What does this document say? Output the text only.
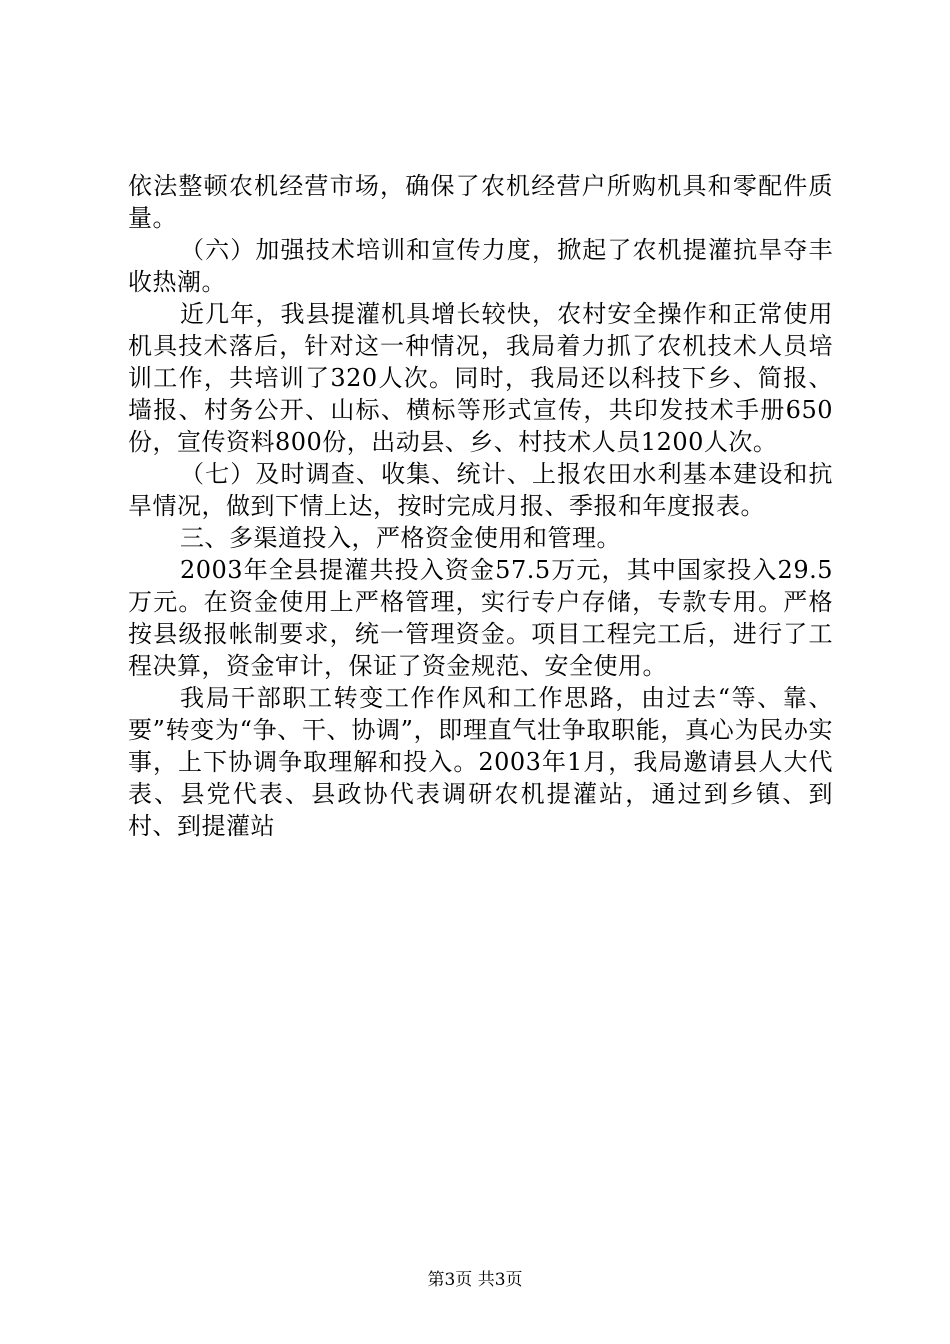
依法整顿农机经营市场，确保了农机经营户所购机具和零配件质量。

（六）加强技术培训和宣传力度，掀起了农机提灌抗旱夺丰收热潮。

近几年，我县提灌机具增长较快，农村安全操作和正常使用机具技术落后，针对这一种情况，我局着力抓了农机技术人员培训工作，共培训了320人次。同时，我局还以科技下乡、简报、墙报、村务公开、山标、横标等形式宣传，共印发技术手册650份，宣传资料800份，出动县、乡、村技术人员1200人次。

（七）及时调查、收集、统计、上报农田水利基本建设和抗旱情况，做到下情上达，按时完成月报、季报和年度报表。

三、多渠道投入，严格资金使用和管理。

2003年全县提灌共投入资金57.5万元，其中国家投入29.5万元。在资金使用上严格管理，实行专户存储，专款专用。严格按县级报帐制要求，统一管理资金。项目工程完工后，进行了工程决算，资金审计，保证了资金规范、安全使用。

我局干部职工转变工作作风和工作思路，由过去“等、靠、要”转变为“争、干、协调”，即理直气壮争取职能，真心为民办实事，上下协调争取理解和投入。2003年1月，我局邀请县人大代表、县党代表、县政协代表调研农机提灌站，通过到乡镇、到村、到提灌站

第3页 共3页
